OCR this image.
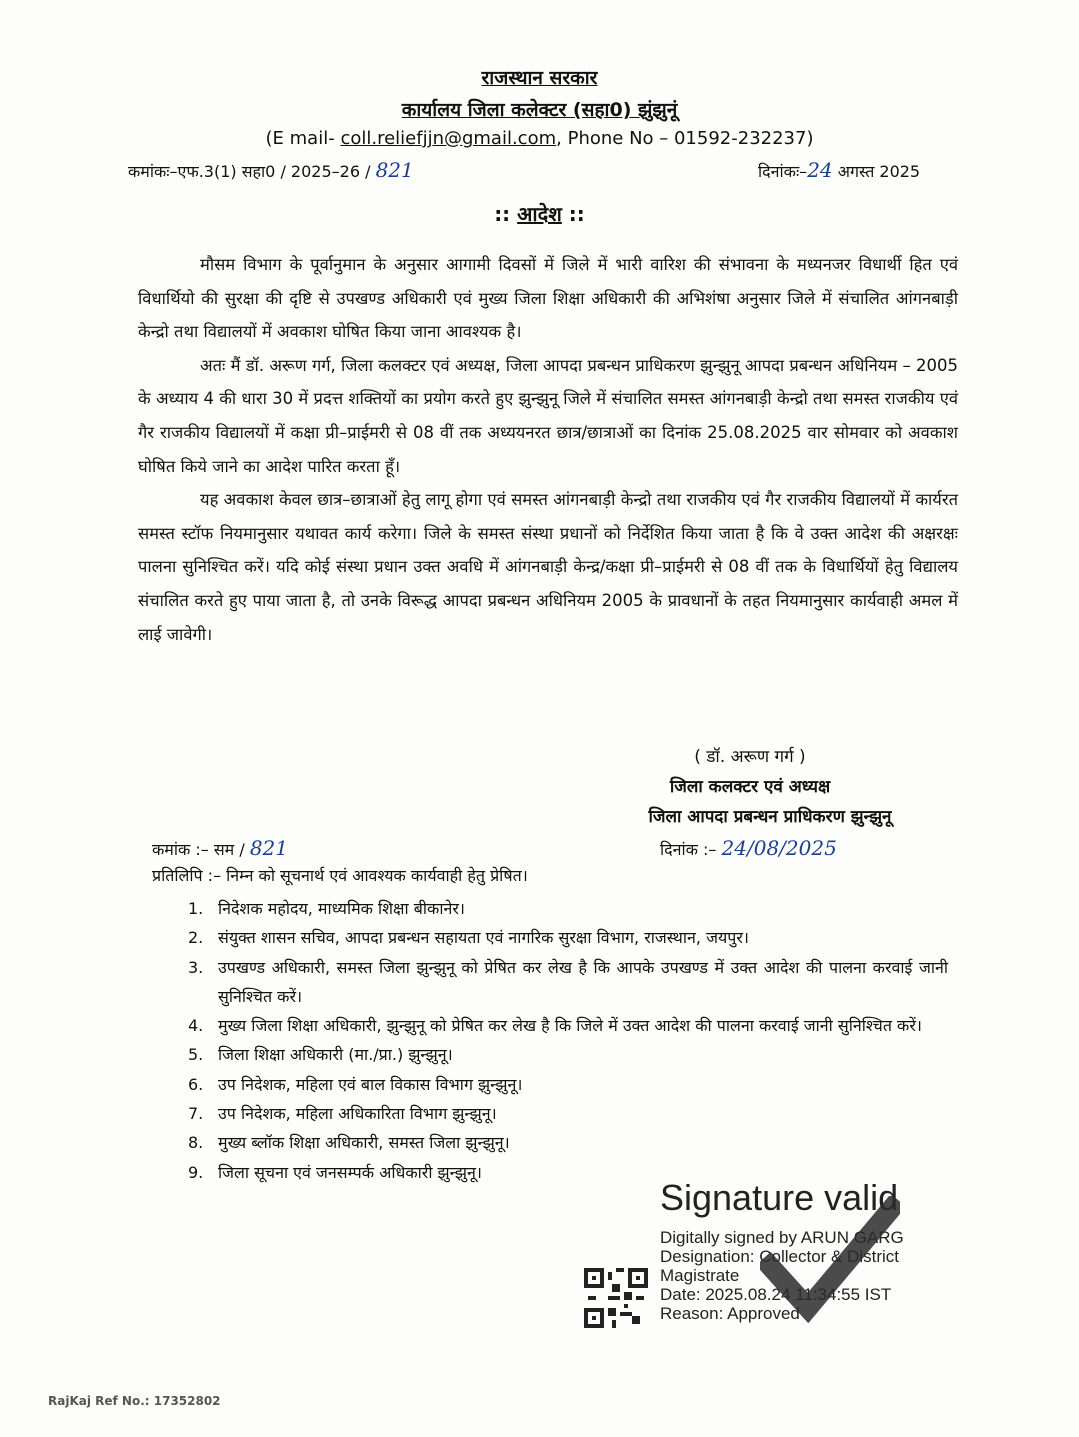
राजस्थान सरकार
कार्यालय जिला कलेक्टर (सहा0) झुंझुनूं
(E mail- coll.reliefjjn@gmail.com, Phone No – 01592-232237)
कमांकः–एफ.3(1) सहा0 / 2025–26 / 821	दिनांकः–24 अगस्त 2025
:: आदेश ::

मौसम विभाग के पूर्वानुमान के अनुसार आगामी दिवसों में जिले में भारी वारिश की संभावना के मध्यनजर विधार्थी हित एवं विधार्थियो की सुरक्षा की दृष्टि से उपखण्ड अधिकारी एवं मुख्य जिला शिक्षा अधिकारी की अभिशंषा अनुसार जिले में संचालित आंगनबाड़ी केन्द्रो तथा विद्यालयों में अवकाश घोषित किया जाना आवश्यक है।

अतः मैं डॉ. अरूण गर्ग, जिला कलक्टर एवं अध्यक्ष, जिला आपदा प्रबन्धन प्राधिकरण झुन्झुनू आपदा प्रबन्धन अधिनियम – 2005 के अध्याय 4 की धारा 30 में प्रदत्त शक्तियों का प्रयोग करते हुए झुन्झुनू जिले में संचालित समस्त आंगनबाड़ी केन्द्रो तथा समस्त राजकीय एवं गैर राजकीय विद्यालयों में कक्षा प्री–प्राईमरी से 08 वीं तक अध्ययनरत छात्र/छात्राओं का दिनांक 25.08.2025 वार सोमवार को अवकाश घोषित किये जाने का आदेश पारित करता हूँ।

यह अवकाश केवल छात्र–छात्राओं हेतु लागू होगा एवं समस्त आंगनबाड़ी केन्द्रो तथा राजकीय एवं गैर राजकीय विद्यालयों में कार्यरत समस्त स्टॉफ नियमानुसार यथावत कार्य करेगा। जिले के समस्त संस्था प्रधानों को निर्देशित किया जाता है कि वे उक्त आदेश की अक्षरक्षः पालना सुनिश्चित करें। यदि कोई संस्था प्रधान उक्त अवधि में आंगनबाड़ी केन्द्र/कक्षा प्री–प्राईमरी से 08 वीं तक के विधार्थियों हेतु विद्यालय संचालित करते हुए पाया जाता है, तो उनके विरूद्ध आपदा प्रबन्धन अधिनियम 2005 के प्रावधानों के तहत नियमानुसार कार्यवाही अमल में लाई जावेगी।

( डॉ. अरूण गर्ग )
जिला कलक्टर एवं अध्यक्ष
जिला आपदा प्रबन्धन प्राधिकरण झुन्झुनू
कमांक :– सम / 821	दिनांक :– 24/08/2025
प्रतिलिपि :– निम्न को सूचनार्थ एवं आवश्यक कार्यवाही हेतु प्रेषित।
1. निदेशक महोदय, माध्यमिक शिक्षा बीकानेर।
2. संयुक्त शासन सचिव, आपदा प्रबन्धन सहायता एवं नागरिक सुरक्षा विभाग, राजस्थान, जयपुर।
3. उपखण्ड अधिकारी, समस्त जिला झुन्झुनू को प्रेषित कर लेख है कि आपके उपखण्ड में उक्त आदेश की पालना करवाई जानी सुनिश्चित करें।
4. मुख्य जिला शिक्षा अधिकारी, झुन्झुनू को प्रेषित कर लेख है कि जिले में उक्त आदेश की पालना करवाई जानी सुनिश्चित करें।
5. जिला शिक्षा अधिकारी (मा./प्रा.) झुन्झुनू।
6. उप निदेशक, महिला एवं बाल विकास विभाग झुन्झुनू।
7. उप निदेशक, महिला अधिकारिता विभाग झुन्झुनू।
8. मुख्य ब्लॉक शिक्षा अधिकारी, समस्त जिला झुन्झुनू।
9. जिला सूचना एवं जनसम्पर्क अधिकारी झुन्झुनू।
Signature valid
Digitally signed by ARUN GARG
Designation: Collector & District
Magistrate
Date: 2025.08.24 11:34:55 IST
Reason: Approved
RajKaj Ref No.: 17352802
